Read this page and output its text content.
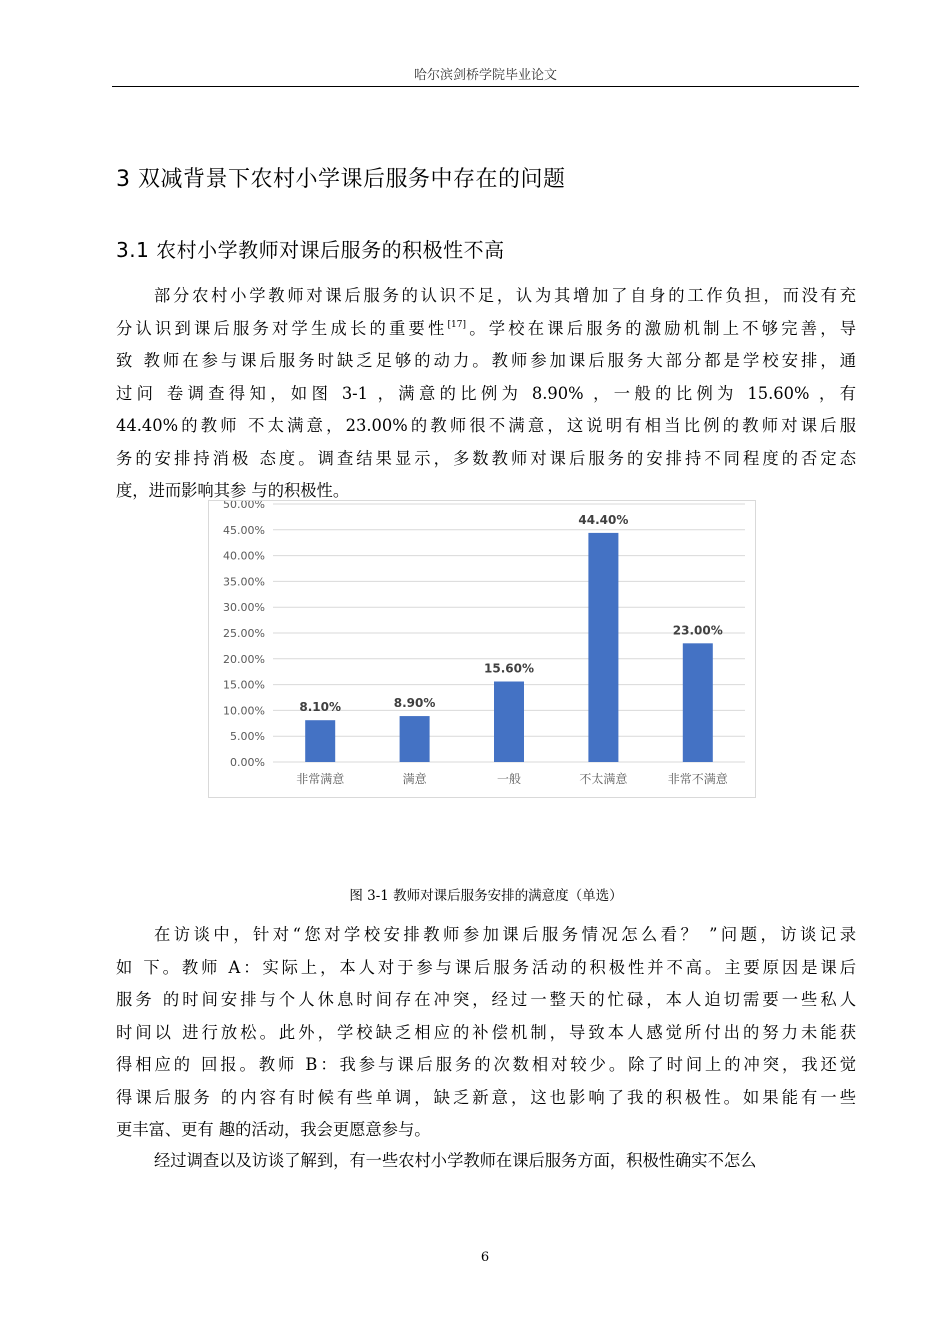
哈尔滨剑桥学院毕业论文
3 双减背景下农村小学课后服务中存在的问题
3.1 农村小学教师对课后服务的积极性不高
部分农村小学教师对课后服务的认识不足，认为其增加了自身的工作负担，而没有充
分认识到课后服务对学生成长的重要性[17]。学校在课后服务的激励机制上不够完善，导
致 教师在参与课后服务时缺乏足够的动力。教师参加课后服务大部分都是学校安排，通
过问 卷调查得知，如图 3-1 ，满意的比例为 8.90% ，一般的比例为 15.60% ，有
44.40%的教师 不太满意，23.00%的教师很不满意，这说明有相当比例的教师对课后服
务的安排持消极 态度。调查结果显示，多数教师对课后服务的安排持不同程度的否定态
度，进而影响其参 与的积极性。
0.00%
5.00%
10.00%
15.00%
20.00%
25.00%
30.00%
35.00%
40.00%
45.00%
50.00%
8.10%
非常满意
8.90%
满意
15.60%
一般
44.40%
不太满意
23.00%
非常不满意
图 3-1 教师对课后服务安排的满意度（单选）
在访谈中，针对“您对学校安排教师参加课后服务情况怎么看？ ”问题，访谈记录
如 下。教师 A：实际上，本人对于参与课后服务活动的积极性并不高。主要原因是课后
服务 的时间安排与个人休息时间存在冲突，经过一整天的忙碌，本人迫切需要一些私人
时间以 进行放松。此外，学校缺乏相应的补偿机制，导致本人感觉所付出的努力未能获
得相应的 回报。教师 B：我参与课后服务的次数相对较少。除了时间上的冲突，我还觉
得课后服务 的内容有时候有些单调，缺乏新意，这也影响了我的积极性。如果能有一些
更丰富、更有 趣的活动，我会更愿意参与。
经过调查以及访谈了解到，有一些农村小学教师在课后服务方面，积极性确实不怎么
6
